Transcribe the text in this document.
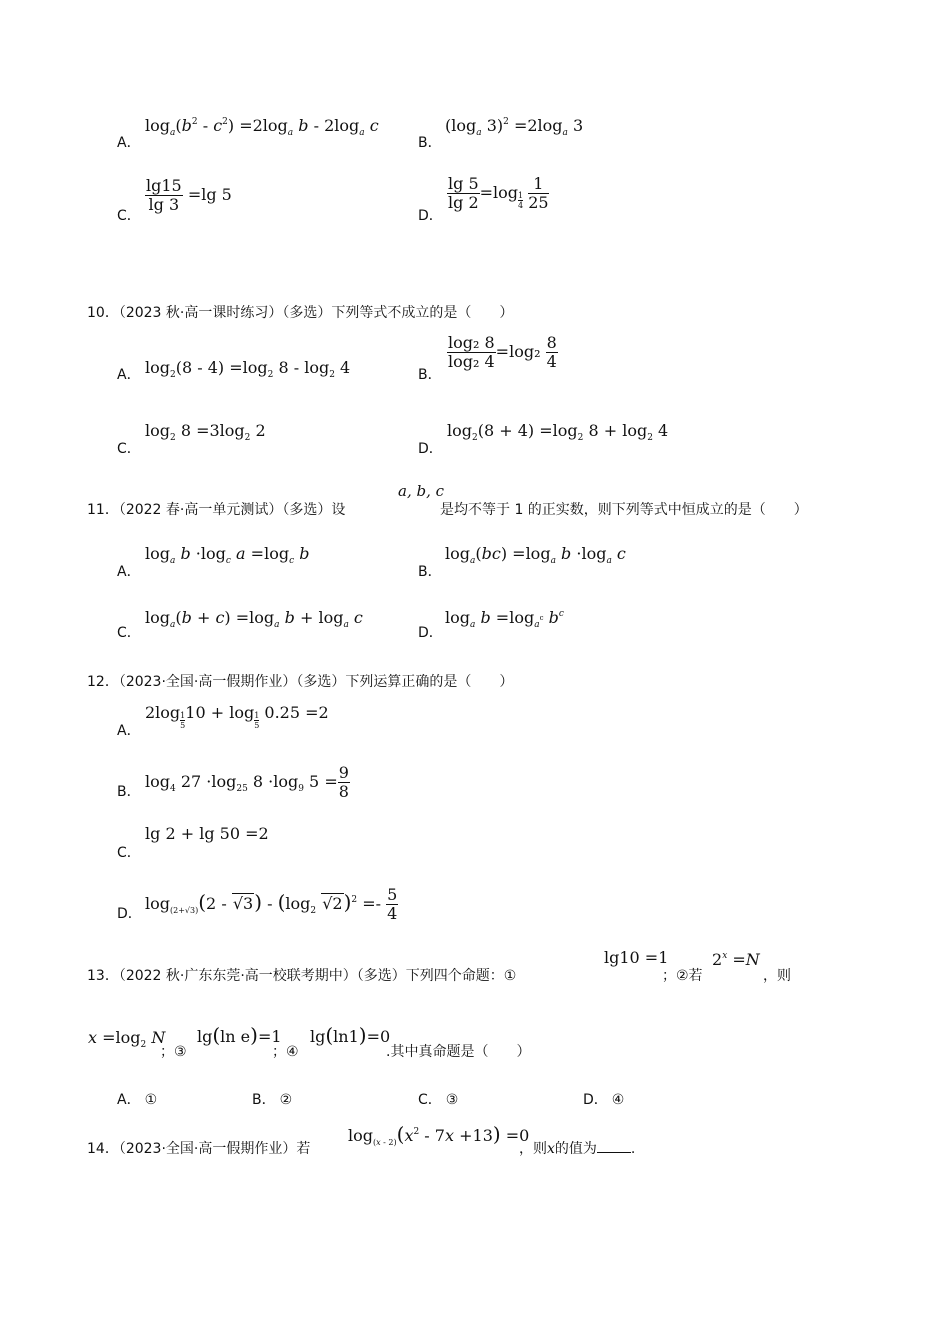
A．
$\log_a(b^2 - c^2) =2\log_a$ b - $2\log_a$ c
B．
($\log_a$ $3)^2 =2\log_a$ 3
C．
$\frac{\lg 15}{\lg 3} =\lg$ 5
D．
$\frac{\lg 5}{\lg 2} =\log \frac{1}{4}$
$\frac{1}{25}$
10．（2023 秋·高一课时练习）（多选）下列等式不成立的是（　　）
A． $\log_2(8 - 4) =\log_2$ $8 - \log_2 4$	B．
$\frac{\text{log₂ 8}}{\text{log₂ 4}} =\log_2 \frac{8}{4}$
C．
$\log_2 8 =3\log_2$ 2
D．
$\log_2(8 + 4) =\log_2$ $8 + \log_2 4$
11．（2022 春·高一单元测试）（多选）设
a, b, c
是均不等于 1 的正实数，则下列等式中恒成立的是（　　）
A．
$\log_a b \cdot\log_c$ $a =\log_c$ b
B．
$\log_a(bc) =\log_a$ $b \cdot\log_a$ c
C．
$\log_a(b + c) =\log_a$ $b + \log_a c$
D．
$\log_a b =\log_{a^c}$ $b^c$
12．（2023·全国·高一假期作业）（多选）下列运算正确的是（　　）
A．
$2\log \frac{1}{5} 10 + \log \frac{1}{5} 0.25 =2$
B．
$\log_4 27 \cdot\log_{25}$ $8 \cdot\log_9$ $5 = \frac{9}{8}$
C．
lg 2 + lg 50 =2
D．
$\log_{(2+√3)}(2 - √3) - (\log_2$ $√2)^2 =- \frac{5}{4}$
13．（2022 秋·广东东莞·高一校联考期中）（多选）下列四个命题：①
lg10 =1
；②若
$2^x =N$
，则
$x =\log_2$ N
；③
lg(ln e)=1
；④
lg(ln1)=0
.其中真命题是（　　）
A． ①	B． ②	C． ③	D． ④
14．（2023·全国·高一假期作业）若
$\log_{(x - 2)}(x^2 - 7x +13) =0$
，则x的值为 .
